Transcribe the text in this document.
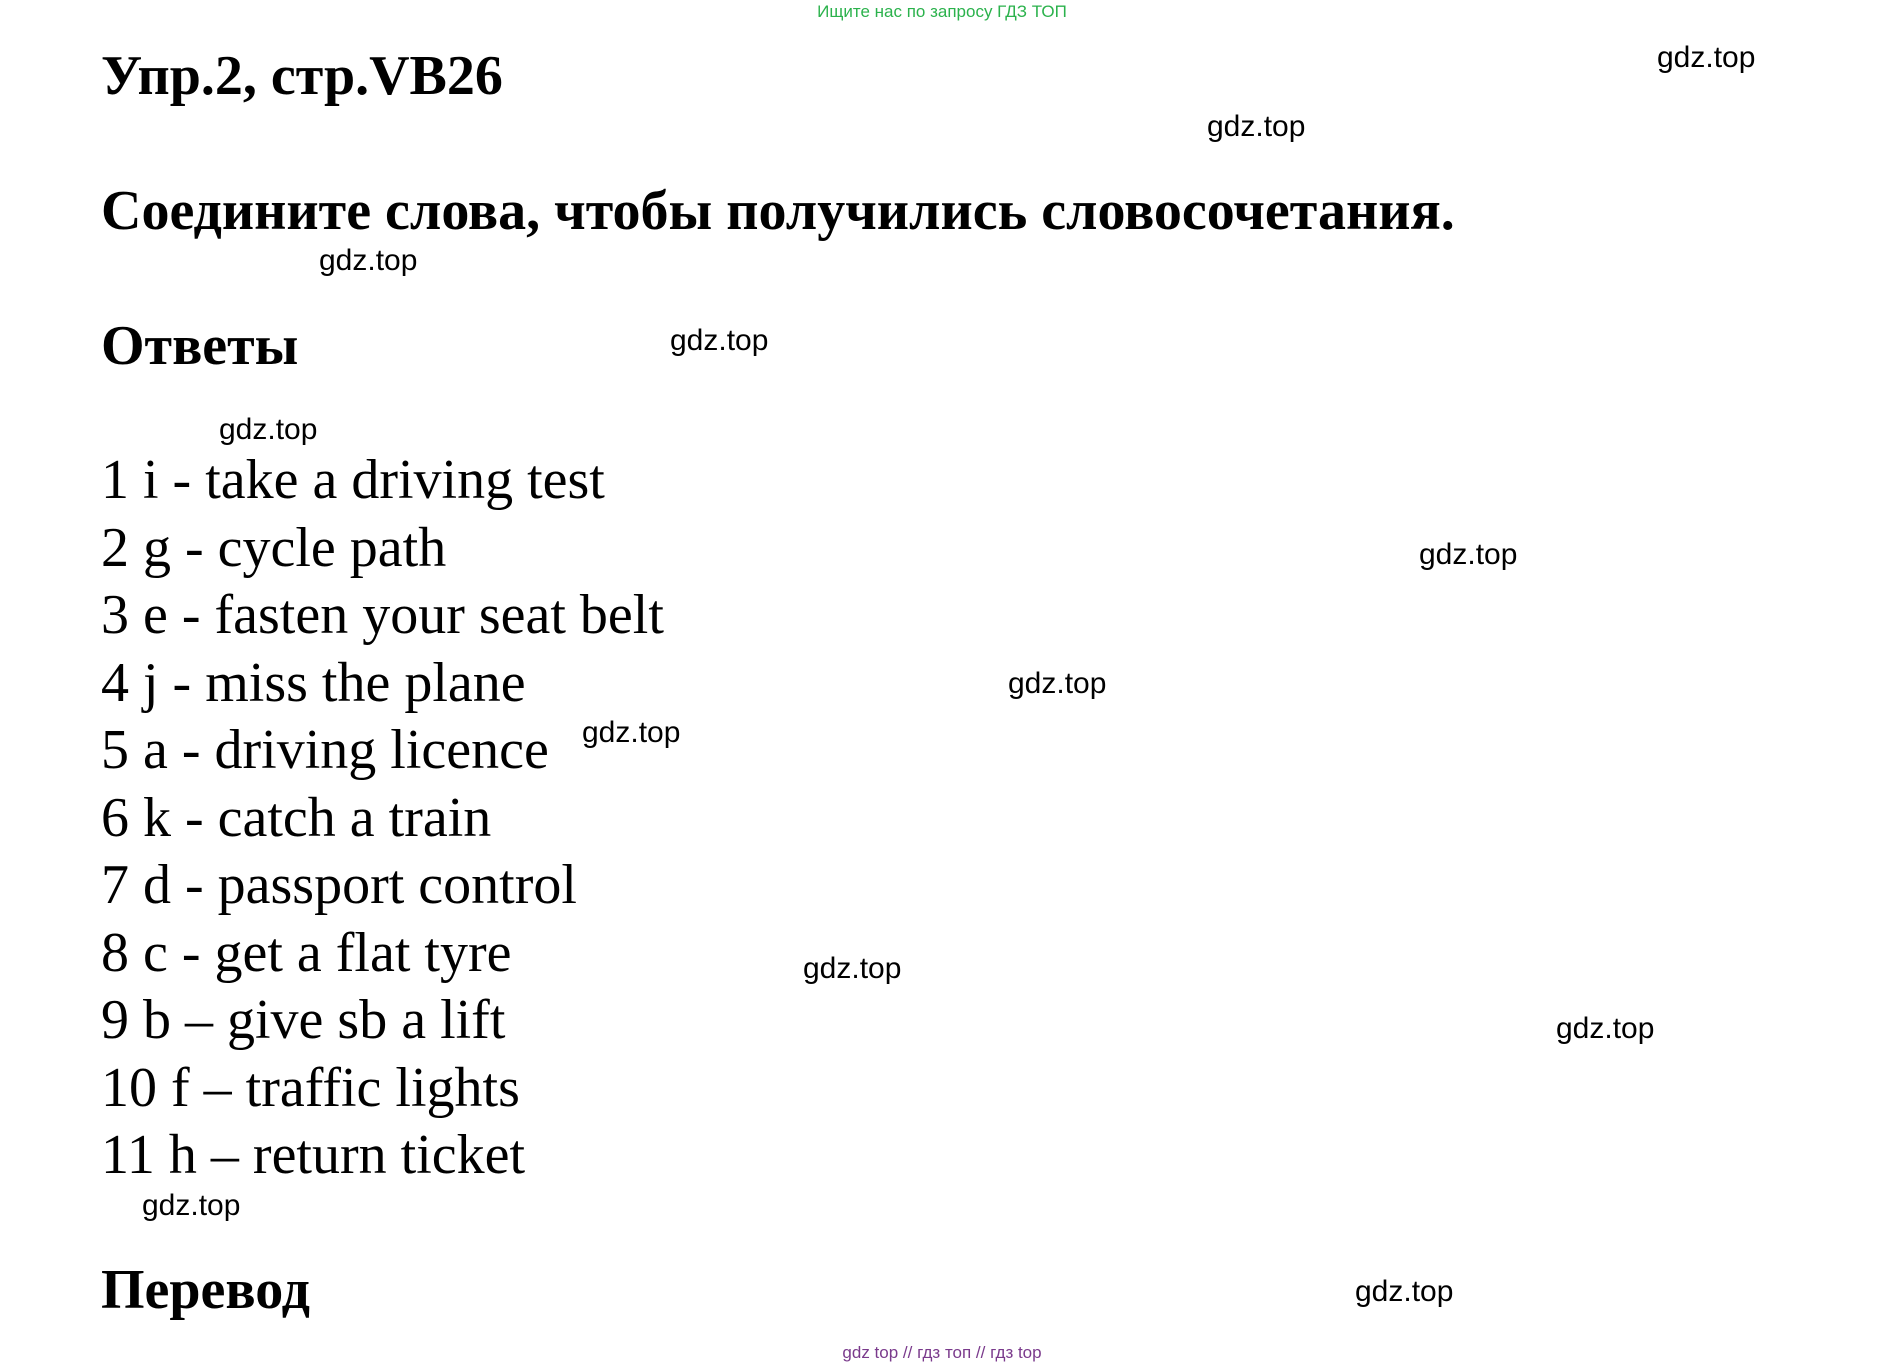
Ищите нас по запросу ГДЗ ТОП
Упр.2, стр.VB26
Соедините слова, чтобы получились словосочетания.
Ответы
1 i - take a driving test
2 g - cycle path
3 e - fasten your seat belt
4 j - miss the plane
5 a - driving licence
6 k - catch a train
7 d - passport control
8 c - get a flat tyre
9 b – give sb a lift
10 f – traffic lights
11 h – return ticket
Перевод
gdz.top
gdz.top
gdz.top
gdz.top
gdz.top
gdz.top
gdz.top
gdz.top
gdz.top
gdz.top
gdz.top
gdz.top
gdz top // гдз топ // гдз top
